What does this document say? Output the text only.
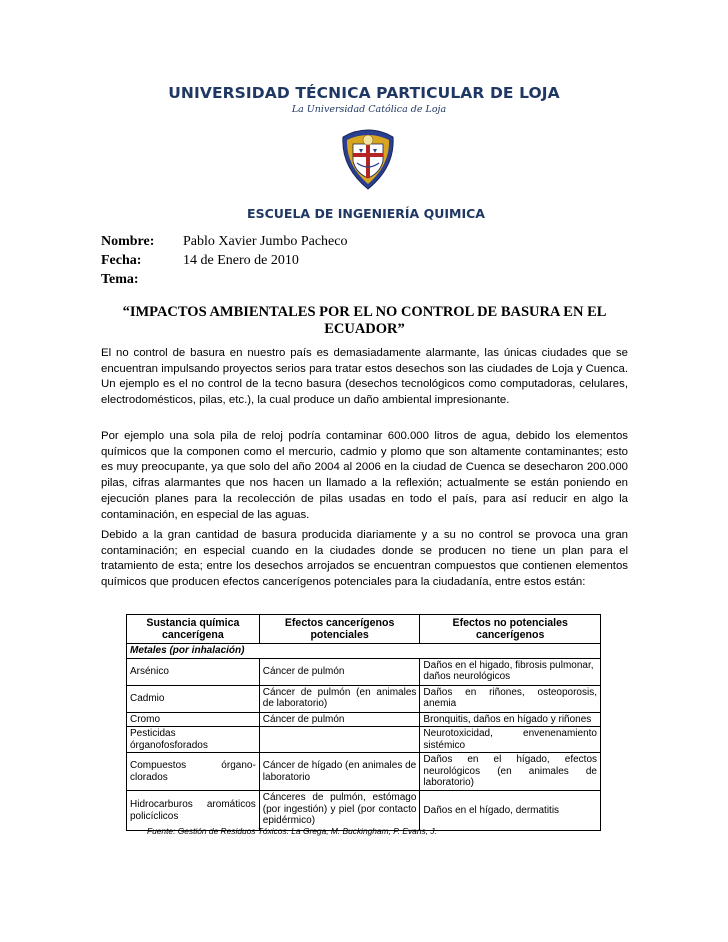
UNIVERSIDAD TÉCNICA PARTICULAR DE LOJA
La Universidad Católica de Loja
ESCUELA DE INGENIERÍA QUIMICA
Nombre: Pablo Xavier Jumbo Pacheco
Fecha:	14 de Enero de 2010
Tema:
“IMPACTOS AMBIENTALES POR EL NO CONTROL DE BASURA EN EL
ECUADOR”

El no control de basura en nuestro país es demasiadamente alarmante, las únicas ciudades que se encuentran impulsando proyectos serios para tratar estos desechos son las ciudades de Loja y Cuenca. Un ejemplo es el no control de la tecno basura (desechos tecnológicos como computadoras, celulares, electrodomésticos, pilas, etc.), la cual produce un daño ambiental impresionante.

Por ejemplo una sola pila de reloj podría contaminar 600.000 litros de agua, debido los elementos químicos que la componen como el mercurio, cadmio y plomo que son altamente contaminantes; esto es muy preocupante, ya que solo del año 2004 al 2006 en la ciudad de Cuenca se desecharon 200.000 pilas, cifras alarmantes que nos hacen un llamado a la reflexión; actualmente se están poniendo en ejecución planes para la recolección de pilas usadas en todo el país, para así reducir en algo la contaminación, en especial de las aguas.

Debido a la gran cantidad de basura producida diariamente y a su no control se provoca una gran contaminación; en especial cuando en la ciudades donde se producen no tiene un plan para el tratamiento de esta; entre los desechos arrojados se encuentran compuestos que contienen elementos químicos que producen efectos cancerígenos potenciales para la ciudadanía, entre estos están:

Sustancia química cancerígena	Efectos cancerígenos potenciales	Efectos no potenciales cancerígenos
Metales (por inhalación)		
Arsénico	Cáncer de pulmón	Daños en el higado, fibrosis pulmonar, daños neurológicos
Cadmio	Cáncer de pulmón (en animales de laboratorio)	Daños en riñones, osteoporosis, anemia
Cromo	Cáncer de pulmón	Bronquitis, daños en hígado y riñones
Pesticidas órganofosforados		Neurotoxicidad, envenenamiento sistémico
Compuestos órgano-clorados	Cáncer de hígado (en animales de laboratorio	Daños en el hígado, efectos neurológicos (en animales de laboratorio)
Hidrocarburos aromáticos policíclicos	Cánceres de pulmón, estómago (por ingestión) y piel (por contacto epidérmico)	Daños en el hígado, dermatitis
Fuente: Gestión de Residuos Tóxicos. La Grega, M. Buckingham, P. Evans, J.
